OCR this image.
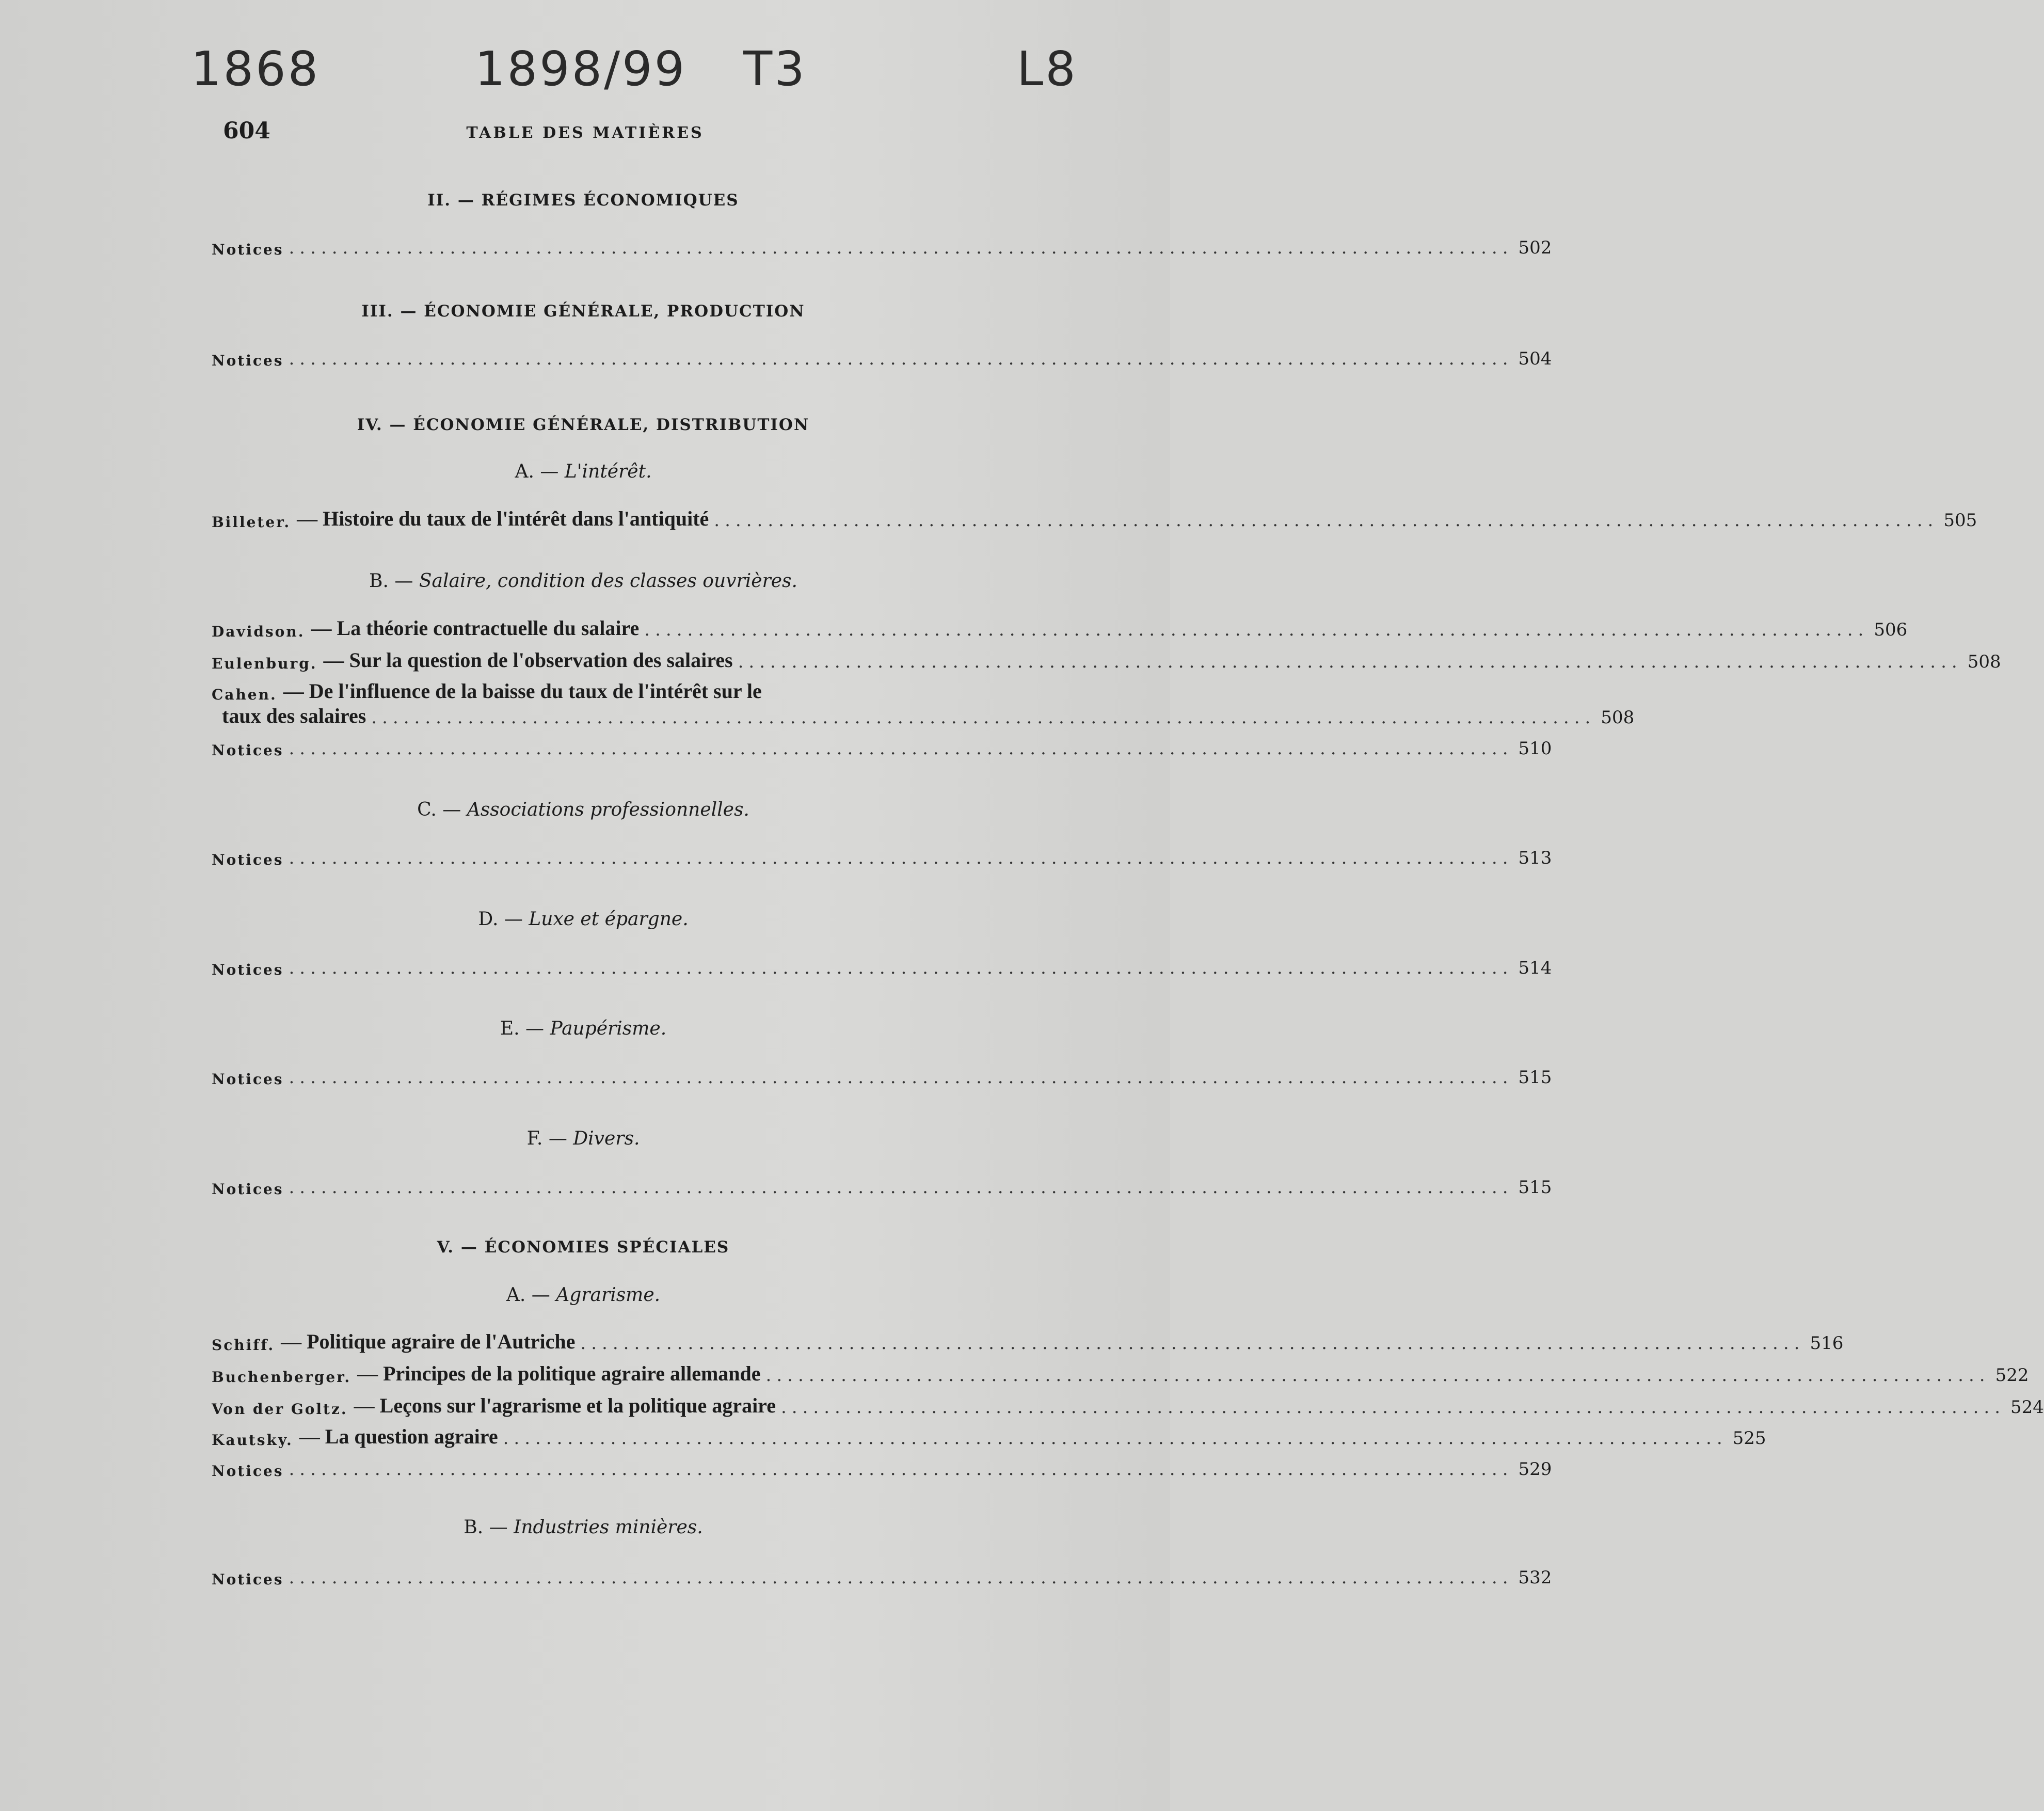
1868	1898/99 T3	L8
604	TABLE DES MATIÈRES
II. — RÉGIMES ÉCONOMIQUES
Notices .................................................................................................................. 502
III. — ÉCONOMIE GÉNÉRALE, PRODUCTION
Notices .................................................................................................................. 504
IV. — ÉCONOMIE GÉNÉRALE, DISTRIBUTION
A. — L'intérêt.
Billeter. — Histoire du taux de l'intérêt dans l'antiquité .................................................................................................................. 505
B. — Salaire, condition des classes ouvrières.
Davidson. — La théorie contractuelle du salaire .................................................................................................................. 506
Eulenburg. — Sur la question de l'observation des salaires .................................................................................................................. 508
Cahen. — De l'influence de la baisse du taux de l'intérêt sur le
taux des salaires .................................................................................................................. 508
Notices .................................................................................................................. 510
C. — Associations professionnelles.
Notices .................................................................................................................. 513
D. — Luxe et épargne.
Notices .................................................................................................................. 514
E. — Paupérisme.
Notices .................................................................................................................. 515
F. — Divers.
Notices .................................................................................................................. 515
V. — ÉCONOMIES SPÉCIALES
A. — Agrarisme.
Schiff. — Politique agraire de l'Autriche .................................................................................................................. 516
Buchenberger. — Principes de la politique agraire allemande .................................................................................................................. 522
Von der Goltz. — Leçons sur l'agrarisme et la politique agraire .................................................................................................................. 524
Kautsky. — La question agraire .................................................................................................................. 525
Notices .................................................................................................................. 529
B. — Industries minières.
Notices .................................................................................................................. 532
